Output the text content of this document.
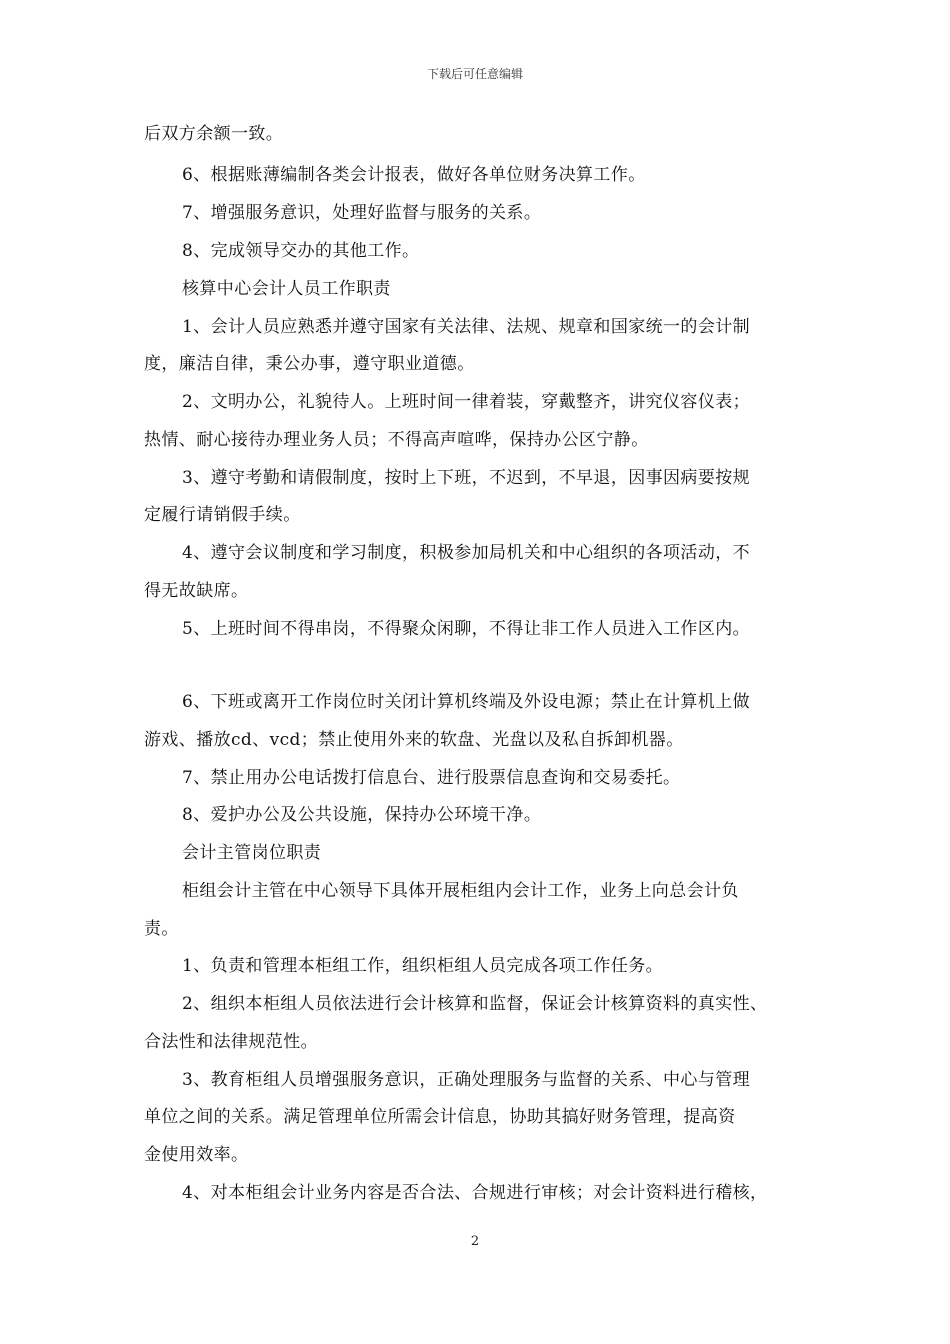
下载后可任意编辑
后双方余额一致。
6、根据账薄编制各类会计报表，做好各单位财务决算工作。
7、增强服务意识，处理好监督与服务的关系。
8、完成领导交办的其他工作。
核算中心会计人员工作职责
1、会计人员应熟悉并遵守国家有关法律、法规、规章和国家统一的会计制
度，廉洁自律，秉公办事，遵守职业道德。
2、文明办公，礼貌待人。上班时间一律着装，穿戴整齐，讲究仪容仪表；
热情、耐心接待办理业务人员；不得高声喧哗，保持办公区宁静。
3、遵守考勤和请假制度，按时上下班，不迟到，不早退，因事因病要按规
定履行请销假手续。
4、遵守会议制度和学习制度，积极参加局机关和中心组织的各项活动，不
得无故缺席。
5、上班时间不得串岗，不得聚众闲聊，不得让非工作人员进入工作区内。
6、下班或离开工作岗位时关闭计算机终端及外设电源；禁止在计算机上做
游戏、播放cd、vcd；禁止使用外来的软盘、光盘以及私自拆卸机器。
7、禁止用办公电话拨打信息台、进行股票信息查询和交易委托。
8、爱护办公及公共设施，保持办公环境干净。
会计主管岗位职责
柜组会计主管在中心领导下具体开展柜组内会计工作，业务上向总会计负
责。
1、负责和管理本柜组工作，组织柜组人员完成各项工作任务。
2、组织本柜组人员依法进行会计核算和监督，保证会计核算资料的真实性、
合法性和法律规范性。
3、教育柜组人员增强服务意识，正确处理服务与监督的关系、中心与管理
单位之间的关系。满足管理单位所需会计信息，协助其搞好财务管理，提高资
金使用效率。
4、对本柜组会计业务内容是否合法、合规进行审核；对会计资料进行稽核，
2
